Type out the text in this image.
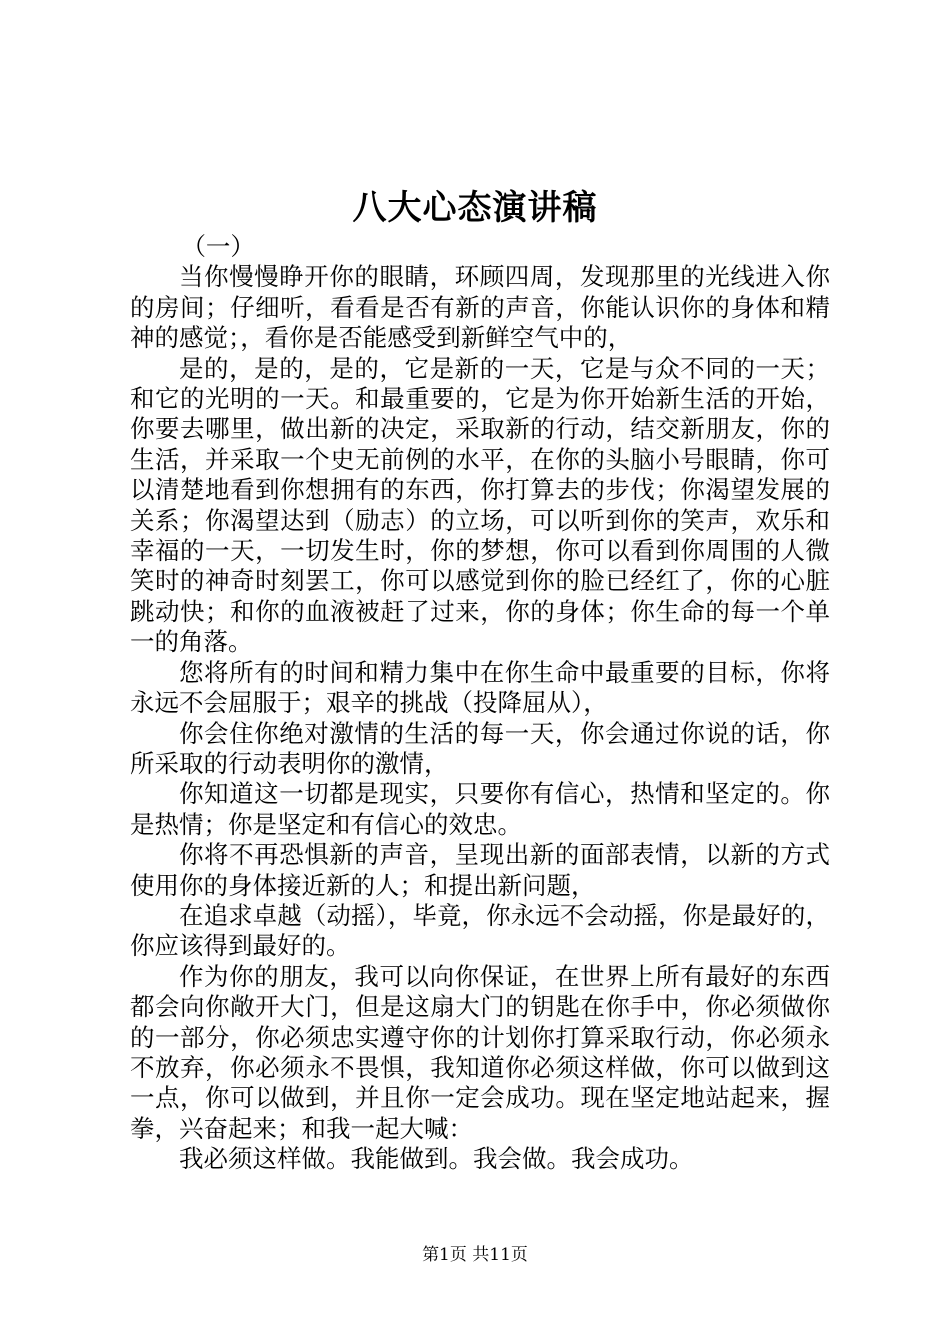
八大心态演讲稿

（一）

当你慢慢睁开你的眼睛，环顾四周，发现那里的光线进入你的房间；仔细听，看看是否有新的声音，你能认识你的身体和精神的感觉；，看你是否能感受到新鲜空气中的，

是的，是的，是的，它是新的一天，它是与众不同的一天；和它的光明的一天。和最重要的，它是为你开始新生活的开始，你要去哪里，做出新的决定，采取新的行动，结交新朋友，你的生活，并采取一个史无前例的水平，在你的头脑小号眼睛，你可以清楚地看到你想拥有的东西，你打算去的步伐；你渴望发展的关系；你渴望达到（励志）的立场，可以听到你的笑声，欢乐和幸福的一天，一切发生时，你的梦想，你可以看到你周围的人微笑时的神奇时刻罢工，你可以感觉到你的脸已经红了，你的心脏跳动快；和你的血液被赶了过来，你的身体；你生命的每一个单一的角落。

您将所有的时间和精力集中在你生命中最重要的目标，你将永远不会屈服于；艰辛的挑战（投降屈从），

你会住你绝对激情的生活的每一天，你会通过你说的话，你所采取的行动表明你的激情，

你知道这一切都是现实，只要你有信心，热情和坚定的。你是热情；你是坚定和有信心的效忠。

你将不再恐惧新的声音，呈现出新的面部表情，以新的方式使用你的身体接近新的人；和提出新问题，

在追求卓越（动摇），毕竟，你永远不会动摇，你是最好的，你应该得到最好的。

作为你的朋友，我可以向你保证，在世界上所有最好的东西都会向你敞开大门，但是这扇大门的钥匙在你手中，你必须做你的一部分，你必须忠实遵守你的计划你打算采取行动，你必须永不放弃，你必须永不畏惧，我知道你必须这样做，你可以做到这一点，你可以做到，并且你一定会成功。现在坚定地站起来，握拳，兴奋起来；和我一起大喊：

我必须这样做。我能做到。我会做。我会成功。

第1页 共11页
